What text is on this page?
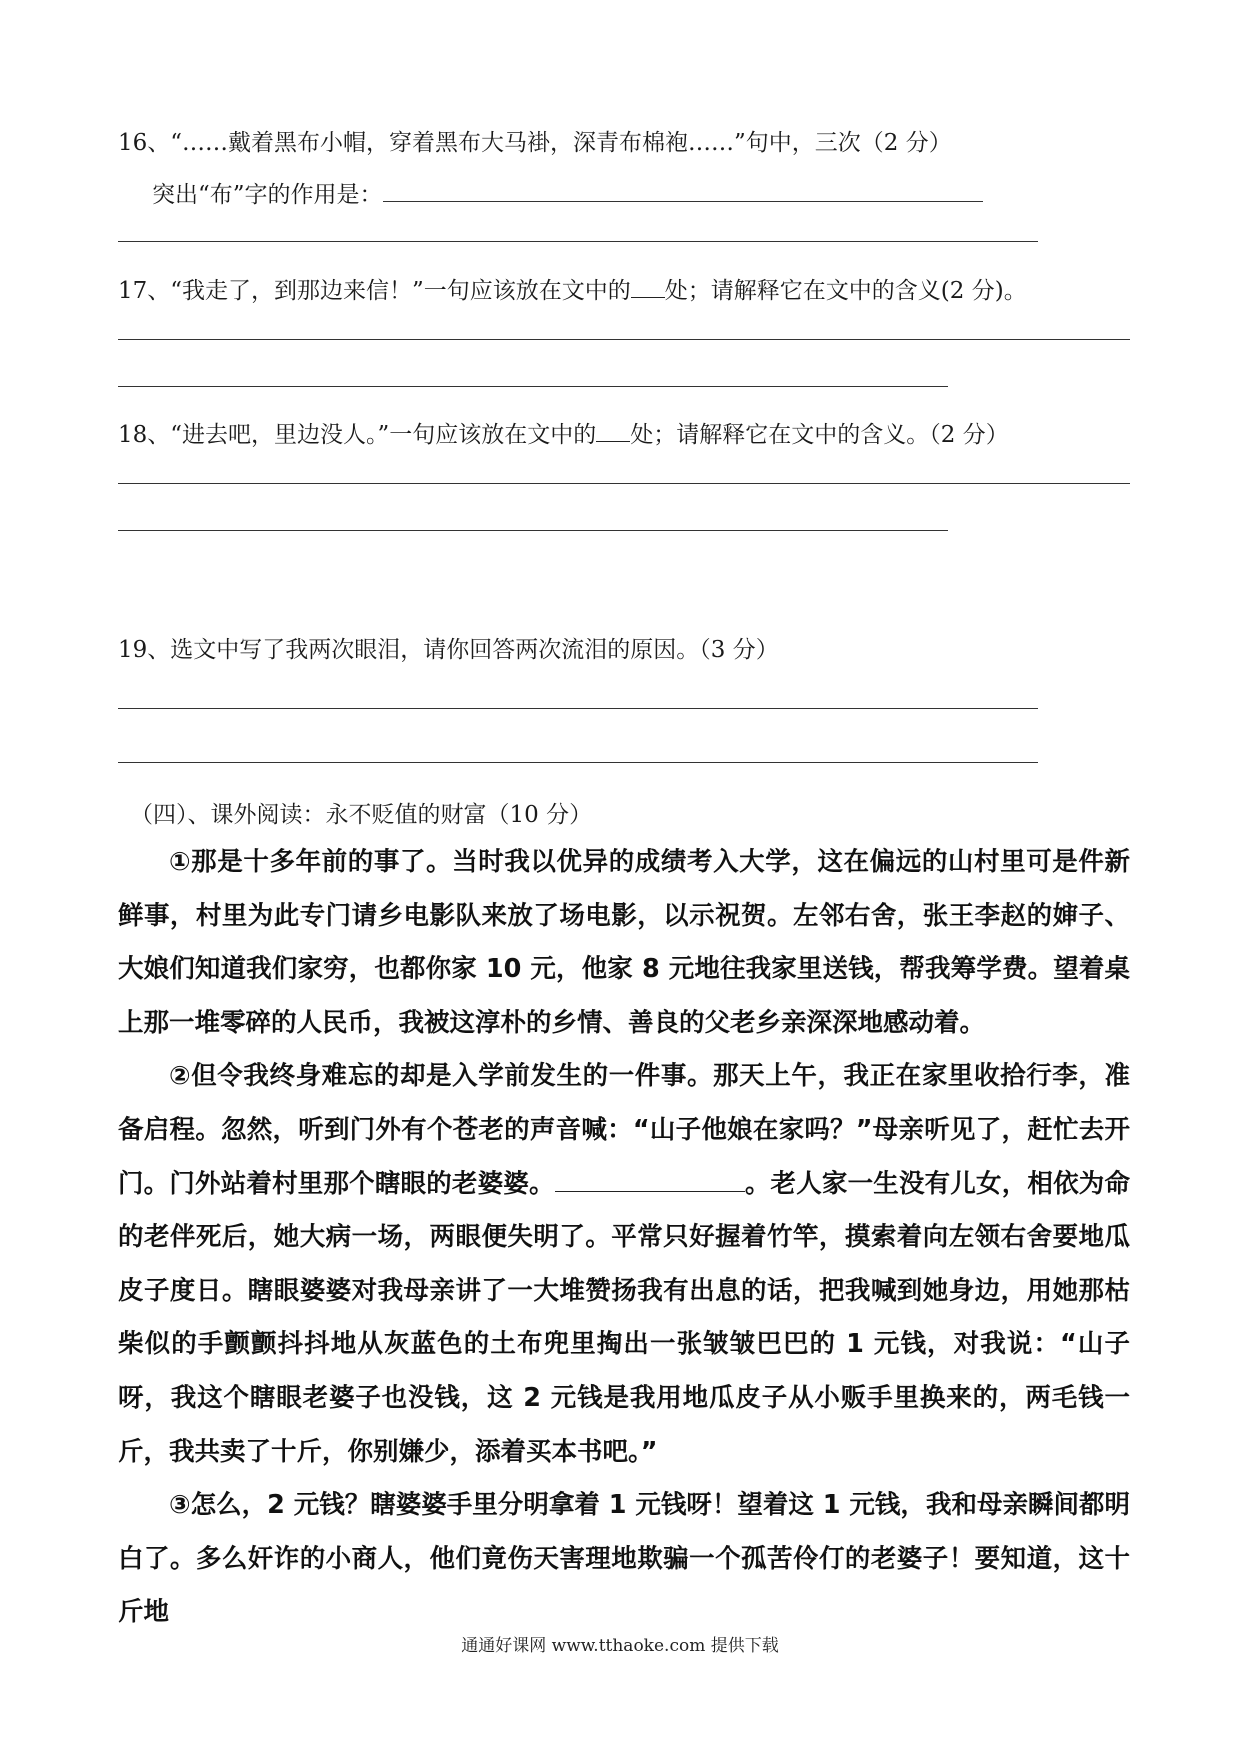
16、“……戴着黑布小帽，穿着黑布大马褂，深青布棉袍……”句中，三次（2 分）
突出“布”字的作用是：
17、“我走了，到那边来信！”一句应该放在文中的 处；请解释它在文中的含义(2 分)。
18、“进去吧，里边没人。”一句应该放在文中的 处；请解释它在文中的含义。（2 分）
19、选文中写了我两次眼泪，请你回答两次流泪的原因。（3 分）
（四）、课外阅读：永不贬值的财富（10 分）

①那是十多年前的事了。当时我以优异的成绩考入大学，这在偏远的山村里可是件新鲜事，村里为此专门请乡电影队来放了场电影，以示祝贺。左邻右舍，张王李赵的婶子、大娘们知道我们家穷，也都你家 10 元，他家 8 元地往我家里送钱，帮我筹学费。望着桌上那一堆零碎的人民币，我被这淳朴的乡情、善良的父老乡亲深深地感动着。

②但令我终身难忘的却是入学前发生的一件事。那天上午，我正在家里收拾行李，准备启程。忽然，听到门外有个苍老的声音喊：“山子他娘在家吗？”母亲听见了，赶忙去开门。门外站着村里那个瞎眼的老婆婆。	。老人家一生没有儿女，相依为命的老伴死后，她大病一场，两眼便失明了。平常只好握着竹竿，摸索着向左领右舍要地瓜皮子度日。瞎眼婆婆对我母亲讲了一大堆赞扬我有出息的话，把我喊到她身边，用她那枯柴似的手颤颤抖抖地从灰蓝色的土布兜里掏出一张皱皱巴巴的 1 元钱，对我说：“山子呀，我这个瞎眼老婆子也没钱，这 2 元钱是我用地瓜皮子从小贩手里换来的，两毛钱一斤，我共卖了十斤，你别嫌少，添着买本书吧。”

③怎么，2 元钱？瞎婆婆手里分明拿着 1 元钱呀！望着这 1 元钱，我和母亲瞬间都明白了。多么奸诈的小商人，他们竟伤天害理地欺骗一个孤苦伶仃的老婆子！要知道，这十斤地

通通好课网 www.tthaoke.com 提供下载
